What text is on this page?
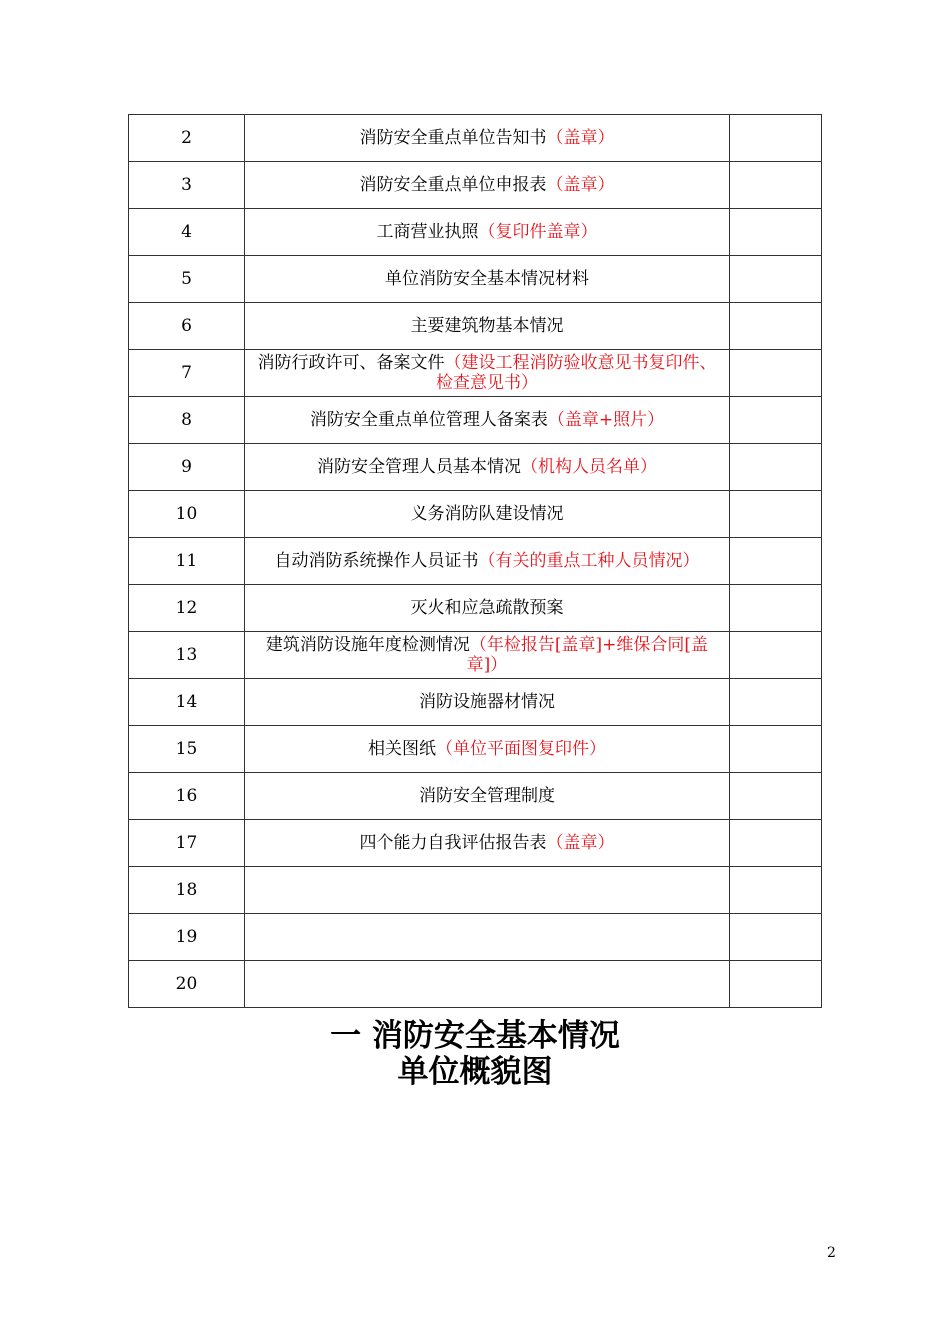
2	消防安全重点单位告知书（盖章）	
3	消防安全重点单位申报表（盖章）	
4	工商营业执照（复印件盖章）	
5	单位消防安全基本情况材料	
6	主要建筑物基本情况	
7	消防行政许可、备案文件（建设工程消防验收意见书复印件、检查意见书）	
8	消防安全重点单位管理人备案表（盖章+照片）	
9	消防安全管理人员基本情况（机构人员名单）	
10	义务消防队建设情况	
11	自动消防系统操作人员证书（有关的重点工种人员情况）	
12	灭火和应急疏散预案	
13	建筑消防设施年度检测情况（年检报告[盖章]+维保合同[盖章]）	
14	消防设施器材情况	
15	相关图纸（单位平面图复印件）	
16	消防安全管理制度	
17	四个能力自我评估报告表（盖章）	
18		
19		
20		
一 消防安全基本情况
单位概貌图
2
